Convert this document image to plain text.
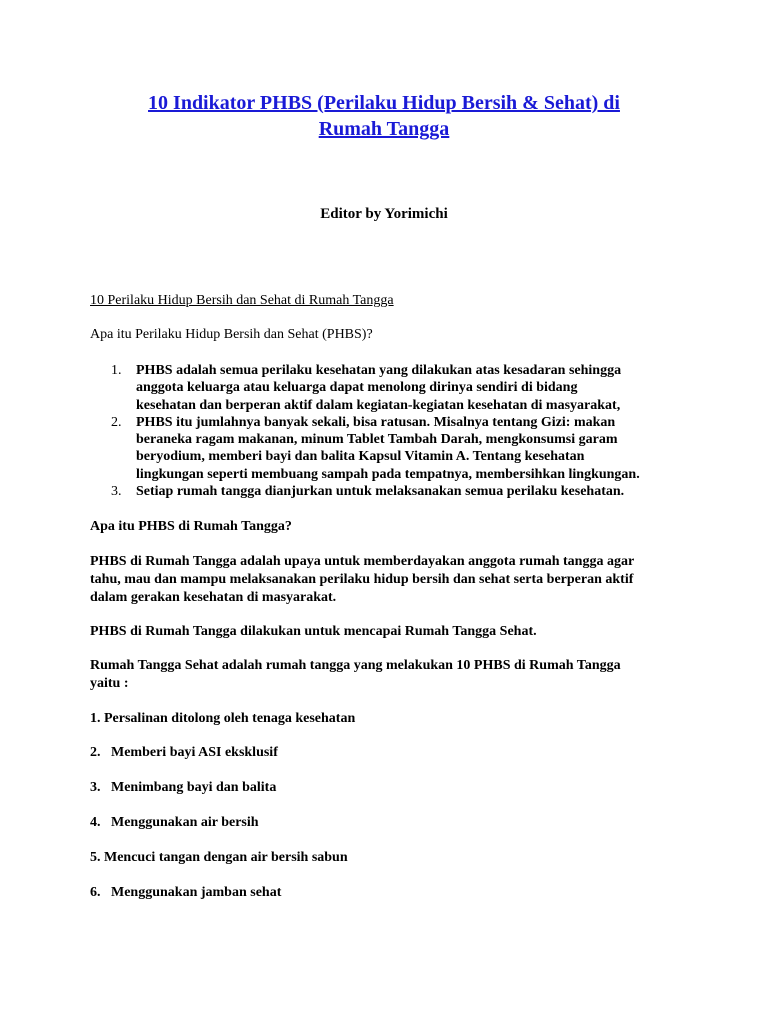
10 Indikator PHBS (Perilaku Hidup Bersih & Sehat) di
Rumah Tangga

Editor by Yorimichi

10 Perilaku Hidup Bersih dan Sehat di Rumah Tangga

Apa itu Perilaku Hidup Bersih dan Sehat (PHBS)?

1. PHBS adalah semua perilaku kesehatan yang dilakukan atas kesadaran sehingga
anggota keluarga atau keluarga dapat menolong dirinya sendiri di bidang
kesehatan dan berperan aktif dalam kegiatan-kegiatan kesehatan di masyarakat,
2. PHBS itu jumlahnya banyak sekali, bisa ratusan. Misalnya tentang Gizi: makan
beraneka ragam makanan, minum Tablet Tambah Darah, mengkonsumsi garam
beryodium, memberi bayi dan balita Kapsul Vitamin A. Tentang kesehatan
lingkungan seperti membuang sampah pada tempatnya, membersihkan lingkungan.
3. Setiap rumah tangga dianjurkan untuk melaksanakan semua perilaku kesehatan.

Apa itu PHBS di Rumah Tangga?

PHBS di Rumah Tangga adalah upaya untuk memberdayakan anggota rumah tangga agar
tahu, mau dan mampu melaksanakan perilaku hidup bersih dan sehat serta berperan aktif
dalam gerakan kesehatan di masyarakat.

PHBS di Rumah Tangga dilakukan untuk mencapai Rumah Tangga Sehat.

Rumah Tangga Sehat adalah rumah tangga yang melakukan 10 PHBS di Rumah Tangga
yaitu :

1. Persalinan ditolong oleh tenaga kesehatan

2.   Memberi bayi ASI eksklusif

3.   Menimbang bayi dan balita

4.   Menggunakan air bersih

5. Mencuci tangan dengan air bersih sabun

6.   Menggunakan jamban sehat
